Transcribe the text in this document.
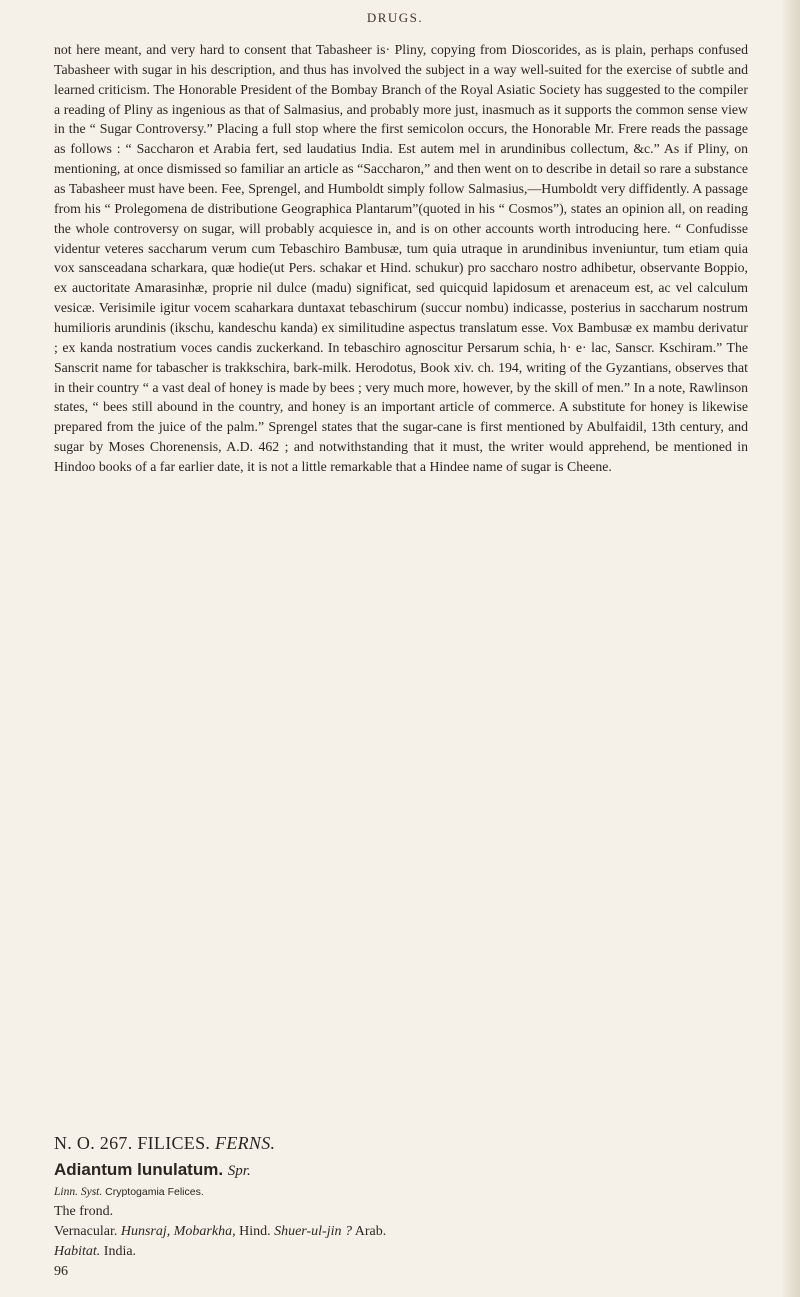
DRUGS.

not here meant, and very hard to consent that Tabasheer is· Pliny, copying from Dioscorides, as is plain, perhaps confused Tabasheer with sugar in his description, and thus has involved the subject in a way well-suited for the exercise of subtle and learned criticism. The Honorable President of the Bombay Branch of the Royal Asiatic Society has suggested to the compiler a reading of Pliny as ingenious as that of Salmasius, and probably more just, inasmuch as it supports the common sense view in the “ Sugar Controversy.” Placing a full stop where the first semicolon occurs, the Honorable Mr. Frere reads the passage as follows : “ Saccharon et Arabia fert, sed laudatius India. Est autem mel in arundinibus collectum, &c.” As if Pliny, on mentioning, at once dismissed so familiar an article as “Saccharon,” and then went on to describe in detail so rare a substance as Tabasheer must have been. Fee, Sprengel, and Humboldt simply follow Salmasius,—Humboldt very diffidently. A passage from his “ Prolegomena de distributione Geographica Plantarum”(quoted in his “ Cosmos”), states an opinion all, on reading the whole controversy on sugar, will probably acquiesce in, and is on other accounts worth introducing here. “ Confudisse videntur veteres saccharum verum cum Tebaschiro Bambusæ, tum quia utraque in arundinibus inveniuntur, tum etiam quia vox sansceadana scharkara, quæ hodie(ut Pers. schakar et Hind. schukur) pro saccharo nostro adhibetur, observante Boppio, ex auctoritate Amarasinhæ, proprie nil dulce (madu) significat, sed quicquid lapidosum et arenaceum est, ac vel calculum vesicæ. Verisimile igitur vocem scaharkara duntaxat tebaschirum (succur nombu) indicasse, posterius in saccharum nostrum humilioris arundinis (ikschu, kandeschu kanda) ex similitudine aspectus translatum esse. Vox Bambusæ ex mambu derivatur ; ex kanda nostratium voces candis zuckerkand. In tebaschiro agnoscitur Persarum schia, h· e· lac, Sanscr. Kschiram.” The Sanscrit name for tabascher is trakkschira, bark-milk. Herodotus, Book xiv. ch. 194, writing of the Gyzantians, observes that in their country “ a vast deal of honey is made by bees ; very much more, however, by the skill of men.” In a note, Rawlinson states, “ bees still abound in the country, and honey is an important article of commerce. A substitute for honey is likewise prepared from the juice of the palm.” Sprengel states that the sugar-cane is first mentioned by Abulfaidil, 13th century, and sugar by Moses Chorenensis, A.D. 462 ; and notwithstanding that it must, the writer would apprehend, be mentioned in Hindoo books of a far earlier date, it is not a little remarkable that a Hindee name of sugar is Cheene.

N. O. 267. FILICES. FERNS.
Adiantum lunulatum. Spr.
Linn. Syst. Cryptogamia Felices.
The frond.
Vernacular. Hunsraj, Mobarkha, Hind. Shuer-ul-jin ? Arab.
Habitat. India.
96
